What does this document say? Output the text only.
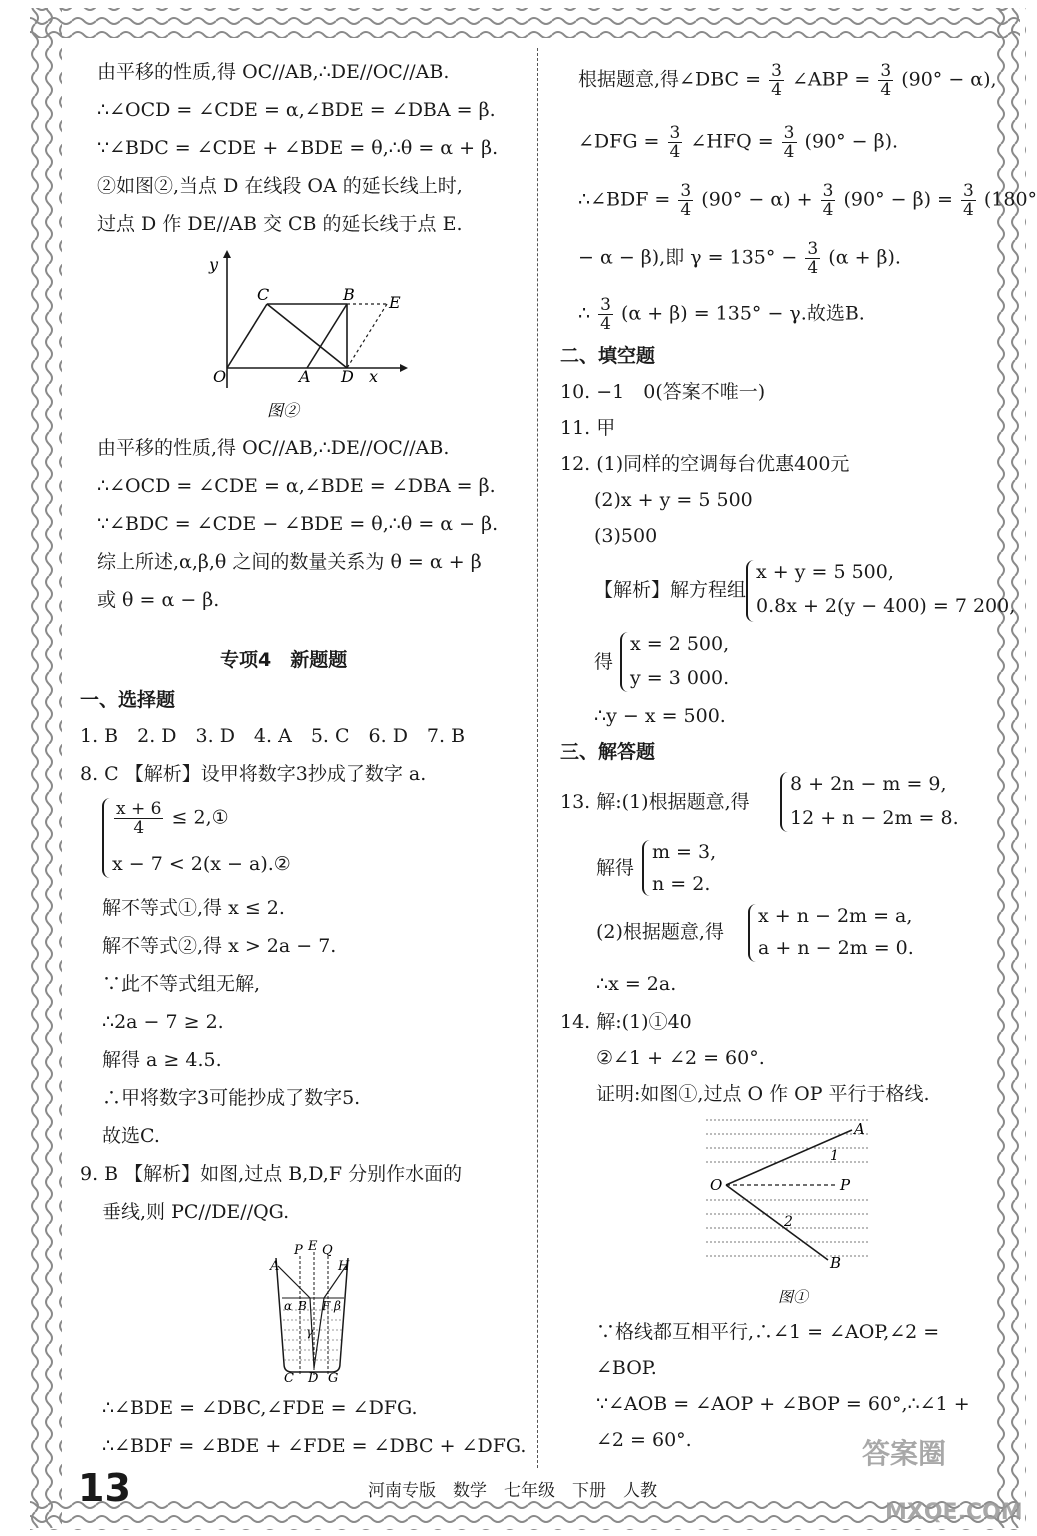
由平移的性质,得 OC//AB,∴DE//OC//AB.
∴∠OCD = ∠CDE = α,∠BDE = ∠DBA = β.
∵∠BDC = ∠CDE + ∠BDE = θ,∴θ = α + β.
②如图②,当点 D 在线段 OA 的延长线上时,
过点 D 作 DE//AB 交 CB 的延长线于点 E.
y
x
O	A D
C	B E
图②
由平移的性质,得 OC//AB,∴DE//OC//AB.
∴∠OCD = ∠CDE = α,∠BDE = ∠DBA = β.
∵∠BDC = ∠CDE − ∠BDE = θ,∴θ = α − β.
综上所述,α,β,θ 之间的数量关系为 θ = α + β
或 θ = α − β.
专项4　新题题
一、选择题
1. B　2. D　3. D　4. A　5. C　6. D　7. B
8. C 【解析】设甲将数字3抄成了数字 a.
$\frac{x + 6}{4}$ ≤ 2,①
x − 7 < 2(x − a).②
解不等式①,得 x ≤ 2.
解不等式②,得 x > 2a − 7.
∵此不等式组无解,
∴2a − 7 ≥ 2.
解得 a ≥ 4.5.
∴甲将数字3可能抄成了数字5.
故选C.
9. B 【解析】如图,过点 B,D,F 分别作水面的
垂线,则 PC//DE//QG.
A
P E Q
H
B F
α	β
γ
C D G
∴∠BDE = ∠DBC,∠FDE = ∠DFG.
∴∠BDF = ∠BDE + ∠FDE = ∠DBC + ∠DFG.
根据题意,得∠DBC = $\frac{3}{4}$ ∠ABP = $\frac{3}{4} (90^\circ - \alpha)$,
∠DFG = $\frac{3}{4}$ ∠HFQ = $\frac{3}{4} (90^\circ - \beta)$.
∴∠BDF = $\frac{3}{4} (90^\circ - \alpha) + \frac{3}{4} (90^\circ - \beta) = \frac{3}{4} (180^\circ$
− α − β),即 $\gamma = 135^\circ - \frac{3}{4} (\alpha + \beta)$.
∴ $\frac{3}{4} (\alpha + \beta) = 135^\circ - \gamma$.故选B.
二、填空题
10. −1　0(答案不唯一)
11. 甲
12. (1)同样的空调每台优惠400元
(2)x + y = 5 500
(3)500
【解析】解方程组
x + y = 5 500,
0.8x + 2(y − 400) = 7 200,
得
x = 2 500,
y = 3 000.
∴y − x = 500.
三、解答题
13. 解:(1)根据题意,得
8 + 2n − m = 9,
12 + n − 2m = 8.
解得
m = 3,
n = 2.
(2)根据题意,得
x + n − 2m = a,
a + n − 2m = 0.
∴x = 2a.
14. 解:(1)①40
②∠1 + ∠2 = 60°.
证明:如图①,过点 O 作 OP 平行于格线.
A
O	P
B
1
2
图①
∵格线都互相平行,∴∠1 = ∠AOP,∠2 =
∠BOP.
∵∠AOB = ∠AOP + ∠BOP = 60°,∴∠1 +
∠2 = 60°.
13	河南专版　数学　七年级　下册　人教
答案圈
MXQE.COM
